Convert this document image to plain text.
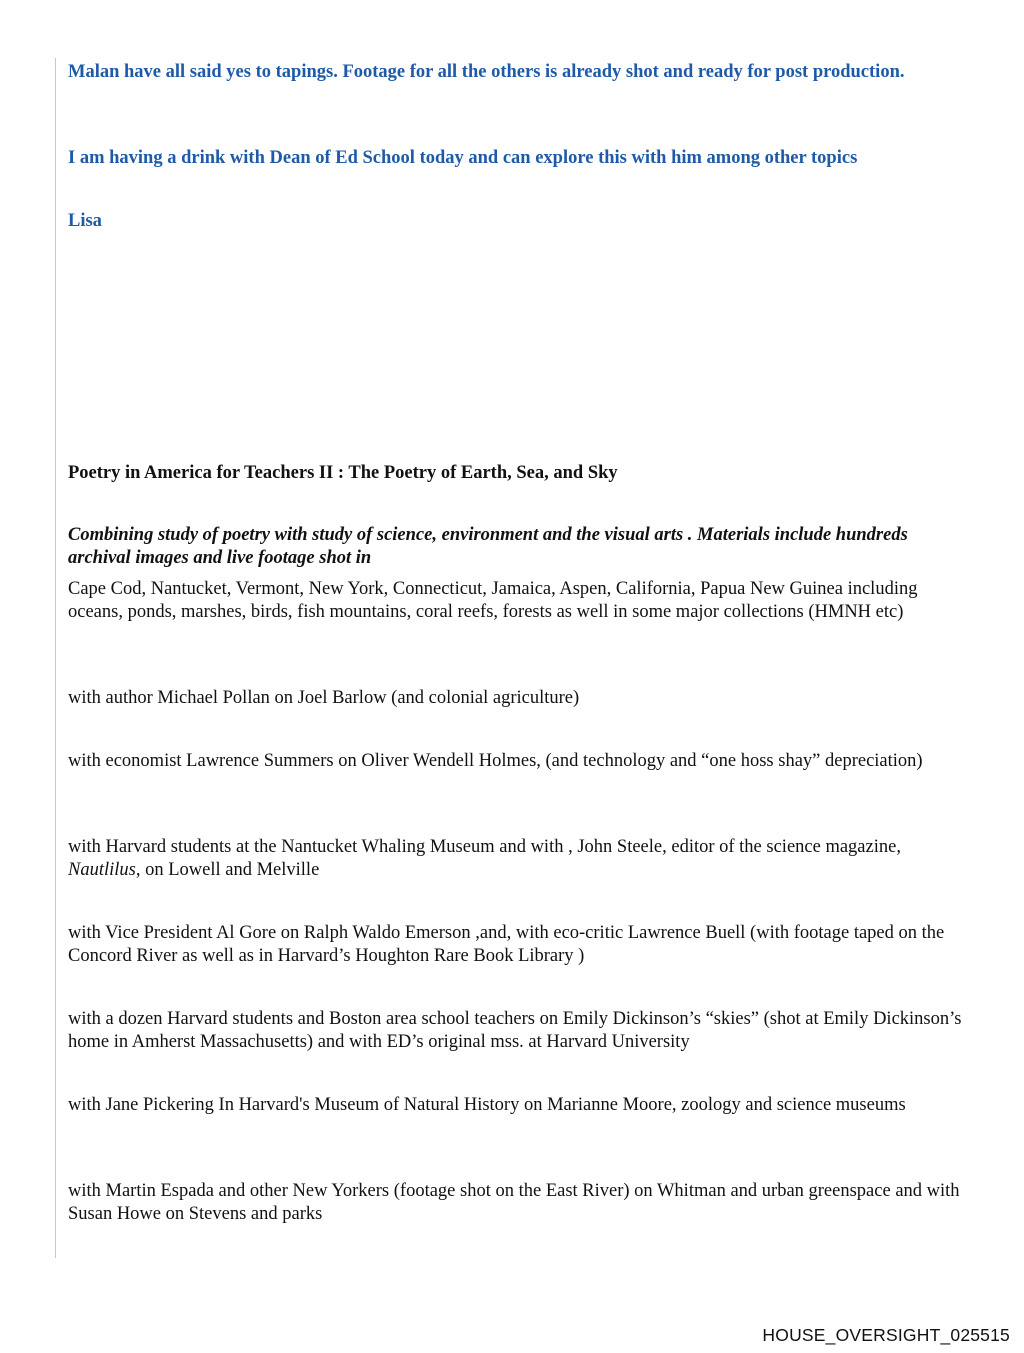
Malan have all said yes to tapings. Footage for all the others is already shot and ready for post production.

I am having a drink with Dean of Ed School today and can explore this with him among other topics

Lisa

Poetry in America for Teachers II : The Poetry of Earth, Sea, and Sky

Combining study of poetry with study of science, environment and the visual arts . Materials include hundreds archival images and live footage shot in

Cape Cod, Nantucket, Vermont, New York, Connecticut, Jamaica, Aspen, California, Papua New Guinea including oceans, ponds, marshes, birds, fish mountains, coral reefs, forests as well in some major collections (HMNH etc)

with author Michael Pollan on Joel Barlow (and colonial agriculture)

with economist Lawrence Summers on Oliver Wendell Holmes, (and technology and “one hoss shay” depreciation)

with Harvard students at the Nantucket Whaling Museum and with , John Steele, editor of the science magazine, Nautlilus, on Lowell and Melville

with Vice President Al Gore on Ralph Waldo Emerson ,and, with eco-critic Lawrence Buell (with footage taped on the Concord River as well as in Harvard’s Houghton Rare Book Library )

with a dozen Harvard students and Boston area school teachers on Emily Dickinson’s “skies” (shot at Emily Dickinson’s home in Amherst Massachusetts) and with ED’s original mss. at Harvard University

with Jane Pickering In Harvard's Museum of Natural History on Marianne Moore, zoology and science museums

with Martin Espada and other New Yorkers (footage shot on the East River) on Whitman and urban greenspace and with Susan Howe on Stevens and parks

HOUSE_OVERSIGHT_025515
